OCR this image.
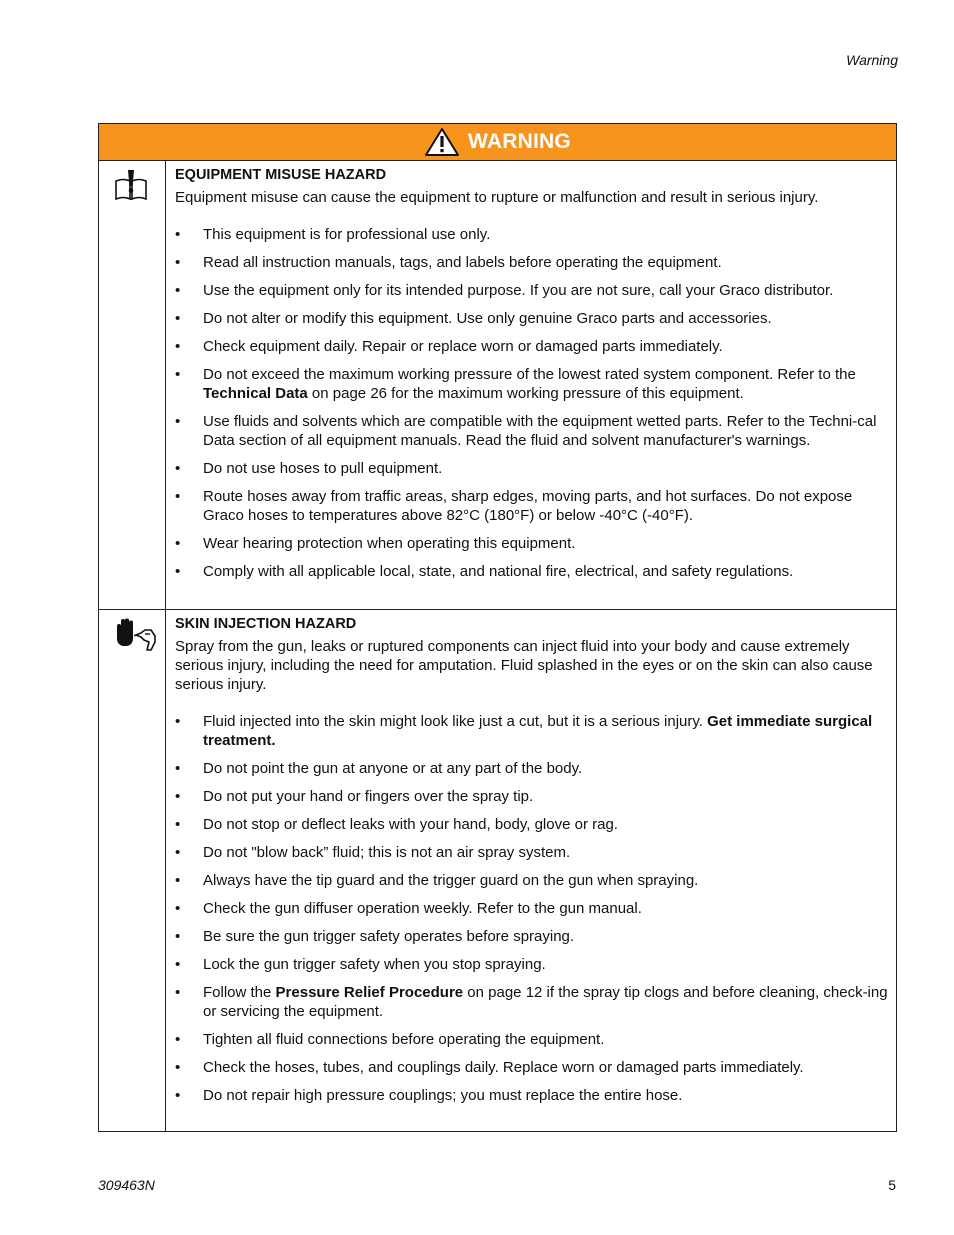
Warning
WARNING
EQUIPMENT MISUSE HAZARD
Equipment misuse can cause the equipment to rupture or malfunction and result in serious injury.
• This equipment is for professional use only.
• Read all instruction manuals, tags, and labels before operating the equipment.
• Use the equipment only for its intended purpose. If you are not sure, call your Graco distributor.
• Do not alter or modify this equipment. Use only genuine Graco parts and accessories.
• Check equipment daily. Repair or replace worn or damaged parts immediately.
• Do not exceed the maximum working pressure of the lowest rated system component. Refer to the Technical Data on page 26 for the maximum working pressure of this equipment.
• Use fluids and solvents which are compatible with the equipment wetted parts. Refer to the Techni-cal Data section of all equipment manuals. Read the fluid and solvent manufacturer's warnings.
• Do not use hoses to pull equipment.
• Route hoses away from traffic areas, sharp edges, moving parts, and hot surfaces. Do not expose Graco hoses to temperatures above 82°C (180°F) or below -40°C (-40°F).
• Wear hearing protection when operating this equipment.
• Comply with all applicable local, state, and national fire, electrical, and safety regulations.
SKIN INJECTION HAZARD
Spray from the gun, leaks or ruptured components can inject fluid into your body and cause extremely serious injury, including the need for amputation. Fluid splashed in the eyes or on the skin can also cause serious injury.
• Fluid injected into the skin might look like just a cut, but it is a serious injury. Get immediate surgical treatment.
• Do not point the gun at anyone or at any part of the body.
• Do not put your hand or fingers over the spray tip.
• Do not stop or deflect leaks with your hand, body, glove or rag.
• Do not "blow back” fluid; this is not an air spray system.
• Always have the tip guard and the trigger guard on the gun when spraying.
• Check the gun diffuser operation weekly. Refer to the gun manual.
• Be sure the gun trigger safety operates before spraying.
• Lock the gun trigger safety when you stop spraying.
• Follow the Pressure Relief Procedure on page 12 if the spray tip clogs and before cleaning, check-ing or servicing the equipment.
• Tighten all fluid connections before operating the equipment.
• Check the hoses, tubes, and couplings daily. Replace worn or damaged parts immediately.
• Do not repair high pressure couplings; you must replace the entire hose.
309463N	5
